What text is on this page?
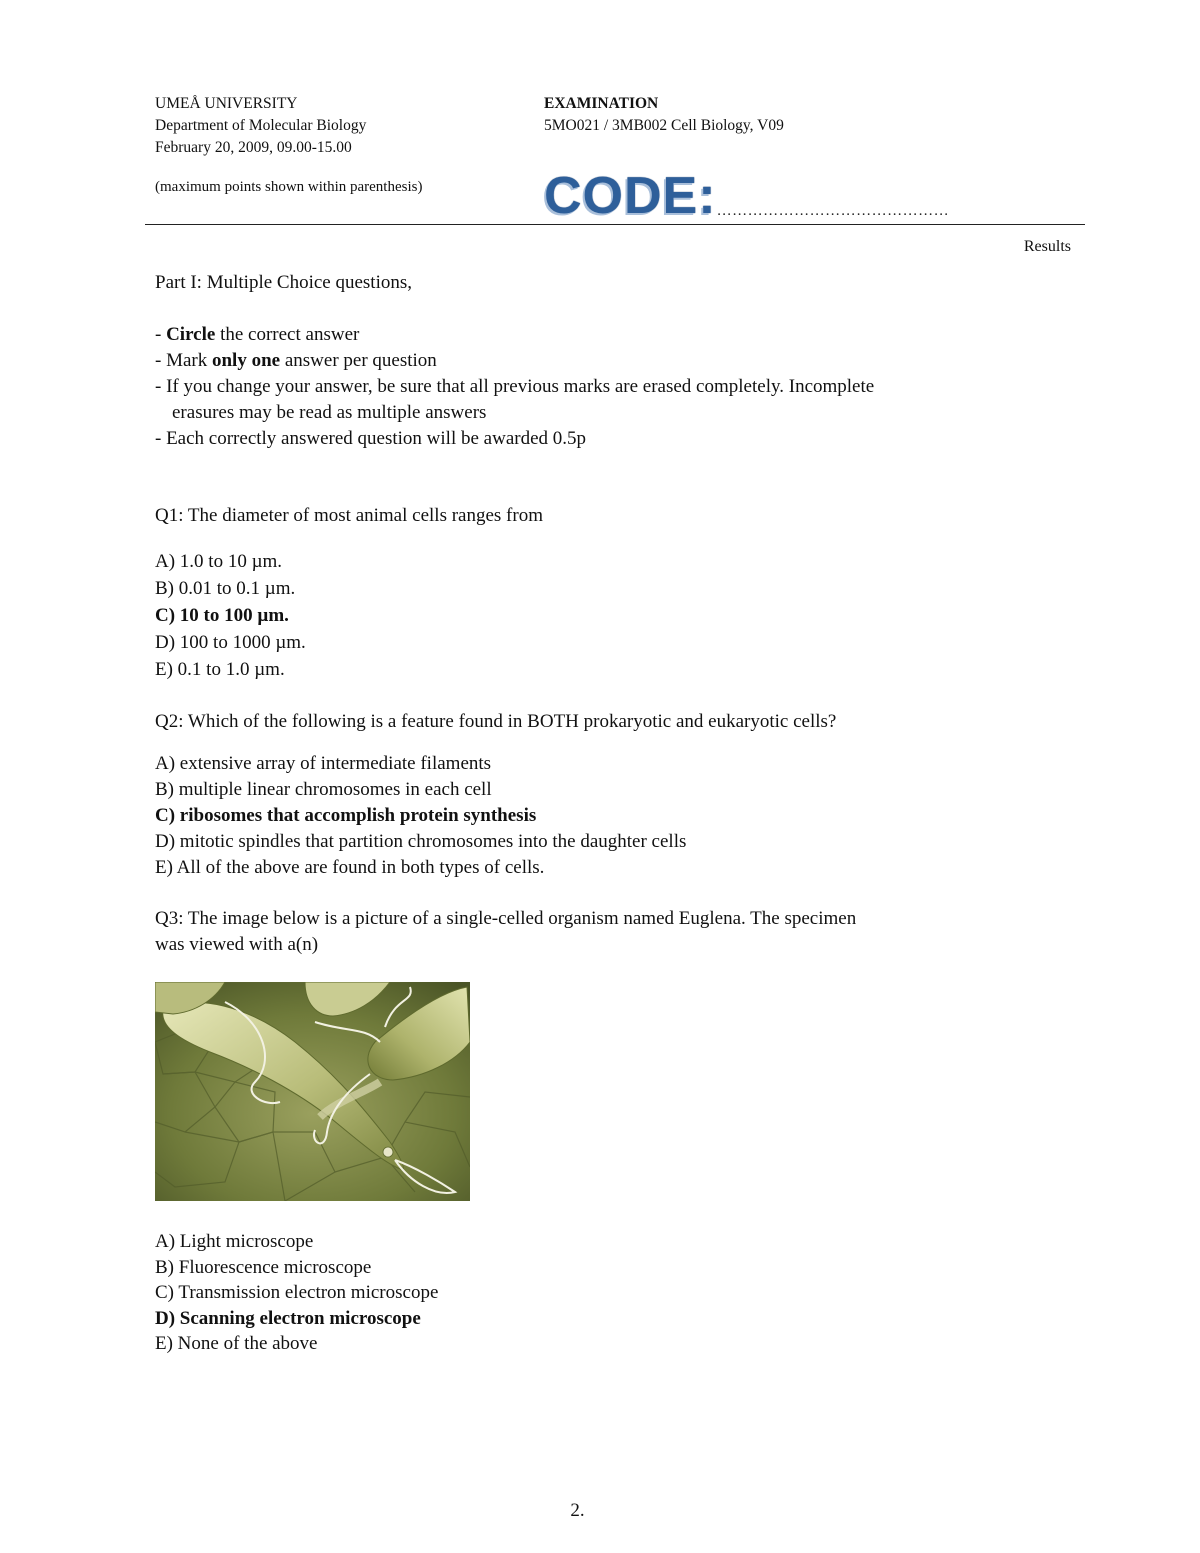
UMEÅ UNIVERSITY
Department of Molecular Biology
February 20, 2009, 09.00-15.00
(maximum points shown within parenthesis)
EXAMINATION
5MO021 / 3MB002 Cell Biology, V09
CODE:………………………………………
Results
Part I: Multiple Choice questions,
- Circle the correct answer
- Mark only one answer per question
- If you change your answer, be sure that all previous marks are erased completely. Incomplete
erasures may be read as multiple answers
- Each correctly answered question will be awarded 0.5p
Q1: The diameter of most animal cells ranges from
A) 1.0 to 10 µm.
B) 0.01 to 0.1 µm.
C) 10 to 100 µm.
D) 100 to 1000 µm.
E) 0.1 to 1.0 µm.
Q2: Which of the following is a feature found in BOTH prokaryotic and eukaryotic cells?
A) extensive array of intermediate filaments
B) multiple linear chromosomes in each cell
C) ribosomes that accomplish protein synthesis
D) mitotic spindles that partition chromosomes into the daughter cells
E) All of the above are found in both types of cells.
Q3: The image below is a picture of a single-celled organism named Euglena. The specimen
was viewed with a(n)
A) Light microscope
B) Fluorescence microscope
C) Transmission electron microscope
D) Scanning electron microscope
E) None of the above
2.
